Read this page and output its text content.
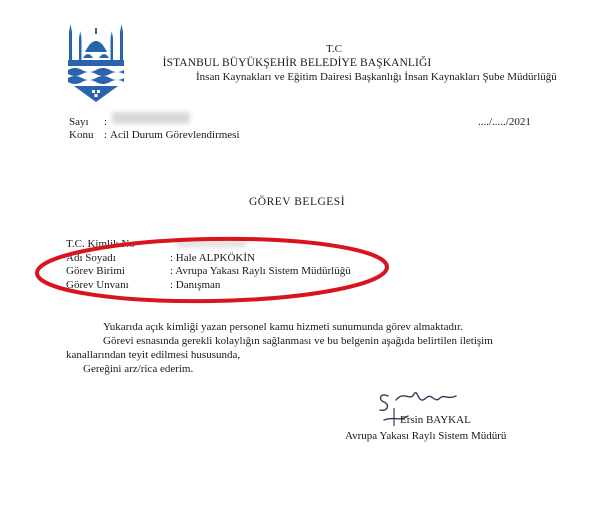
T.C
İSTANBUL BÜYÜKŞEHİR BELEDİYE BAŞKANLIĞI
İnsan Kaynakları ve Eğitim Dairesi Başkanlığı İnsan Kaynakları Şube Müdürlüğü
Sayı :	..../...../2021
Konu : Acil Durum Görevlendirmesi
GÖREV BELGESİ
T.C. Kimlik No
Adı Soyadı	: Hale ALPKÖKİN
Görev Birimi	: Avrupa Yakası Raylı Sistem Müdürlüğü
Görev Unvanı	: Danışman
Yukarıda açık kimliği yazan personel kamu hizmeti sunumunda görev almaktadır.
Görevi esnasında gerekli kolaylığın sağlanması ve bu belgenin aşağıda belirtilen iletişim
kanallarından teyit edilmesi hususunda,
Gereğini arz/rica ederim.
Ersin BAYKAL
Avrupa Yakası Raylı Sistem Müdürü
